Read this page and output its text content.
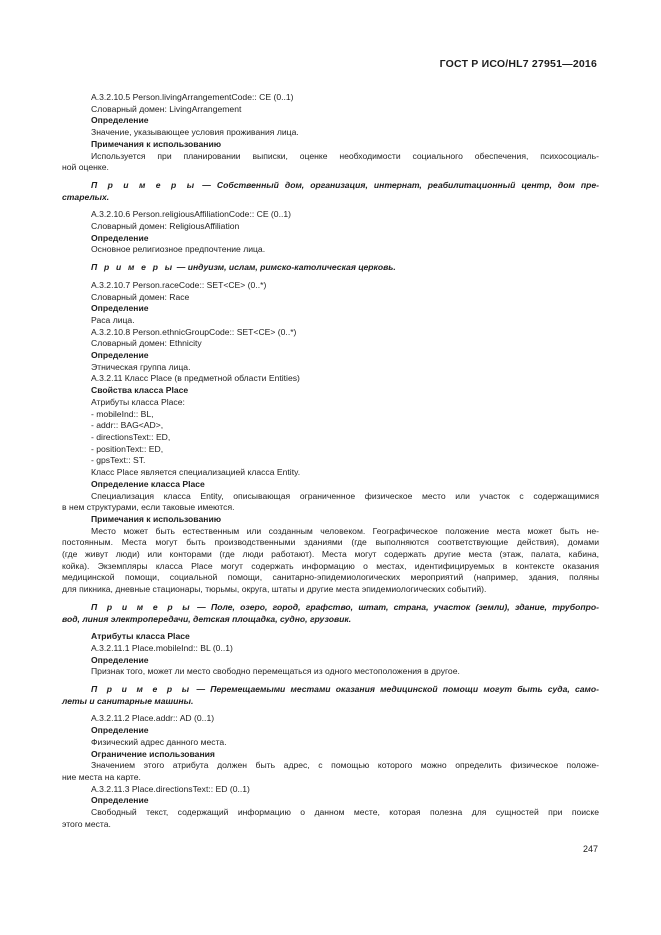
ГОСТ Р ИСО/HL7 27951—2016
A.3.2.10.5 Person.livingArrangementCode:: CE (0..1)
Словарный домен: LivingArrangement
Определение
Значение, указывающее условия проживания лица.
Примечания к использованию
Используется при планировании выписки, оценке необходимости социального обеспечения, психосоциаль-
ной оценке.
П р и м е р ы — Собственный дом, организация, интернат, реабилитационный центр, дом пре-
старелых.
A.3.2.10.6 Person.religiousAffiliationCode:: CE (0..1)
Словарный домен: ReligiousAffiliation
Определение
Основное религиозное предпочтение лица.
П р и м е р ы — индуизм, ислам, римско-католическая церковь.
A.3.2.10.7 Person.raceCode:: SET<CE> (0..*)
Словарный домен: Race
Определение
Раса лица.
A.3.2.10.8 Person.ethnicGroupCode:: SET<CE> (0..*)
Словарный домен: Ethnicity
Определение
Этническая группа лица.
A.3.2.11 Класс Place (в предметной области Entities)
Свойства класса Place
Атрибуты класса Place:
- mobileInd:: BL,
- addr:: BAG<AD>,
- directionsText:: ED,
- positionText:: ED,
- gpsText:: ST.
Класс Place является специализацией класса Entity.
Определение класса Place
Специализация класса Entity, описывающая ограниченное физическое место или участок с содержащимися
в нем структурами, если таковые имеются.
Примечания к использованию
Место может быть естественным или созданным человеком. Географическое положение места может быть не-
постоянным. Места могут быть производственными зданиями (где выполняются соответствующие действия), домами
(где живут люди) или конторами (где люди работают). Места могут содержать другие места (этаж, палата, кабина,
койка). Экземпляры класса Place могут содержать информацию о местах, идентифицируемых в контексте оказания
медицинской помощи, социальной помощи, санитарно-эпидемиологических мероприятий (например, здания, поляны
для пикника, дневные стационары, тюрьмы, округа, штаты и другие места эпидемиологических событий).
П р и м е р ы — Поле, озеро, город, графство, штат, страна, участок (земли), здание, трубопро-
вод, линия электропередачи, детская площадка, судно, грузовик.
Атрибуты класса Place
A.3.2.11.1 Place.mobileInd:: BL (0..1)
Определение
Признак того, может ли место свободно перемещаться из одного местоположения в другое.
П р и м е р ы — Перемещаемыми местами оказания медицинской помощи могут быть суда, само-
леты и санитарные машины.
A.3.2.11.2 Place.addr:: AD (0..1)
Определение
Физический адрес данного места.
Ограничение использования
Значением этого атрибута должен быть адрес, с помощью которого можно определить физическое положе-
ние места на карте.
A.3.2.11.3 Place.directionsText:: ED (0..1)
Определение
Свободный текст, содержащий информацию о данном месте, которая полезна для сущностей при поиске
этого места.
247
